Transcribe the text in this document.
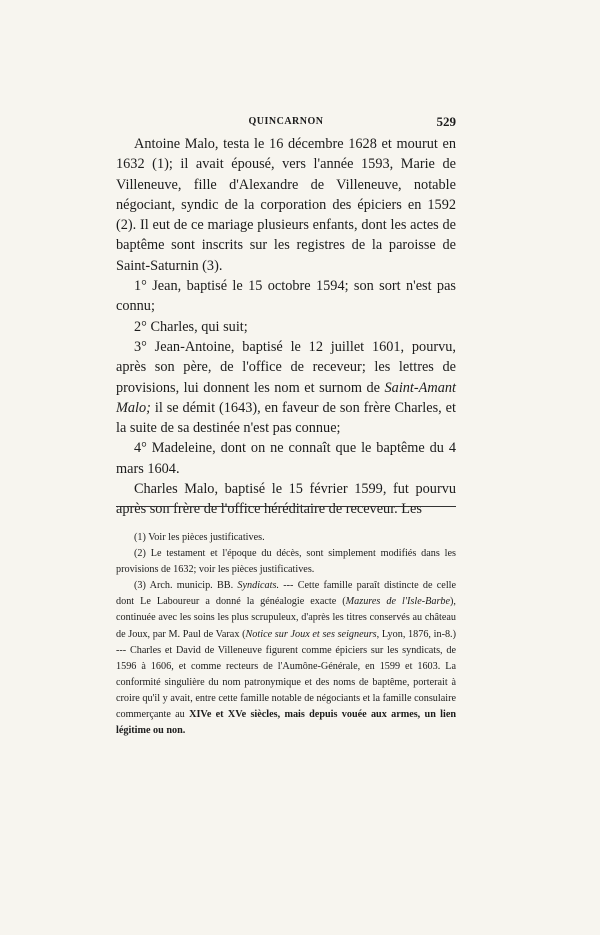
QUINCARNON	529

Antoine Malo, testa le 16 décembre 1628 et mourut en 1632 (1); il avait épousé, vers l'année 1593, Marie de Villeneuve, fille d'Alexandre de Villeneuve, notable négociant, syndic de la corporation des épiciers en 1592 (2). Il eut de ce mariage plusieurs enfants, dont les actes de baptême sont inscrits sur les registres de la paroisse de Saint-Saturnin (3).

1° Jean, baptisé le 15 octobre 1594; son sort n'est pas connu;

2° Charles, qui suit;

3° Jean-Antoine, baptisé le 12 juillet 1601, pourvu, après son père, de l'office de receveur; les lettres de provisions, lui donnent les nom et surnom de Saint-Amant Malo; il se démit (1643), en faveur de son frère Charles, et la suite de sa destinée n'est pas connue;

4° Madeleine, dont on ne connaît que le baptême du 4 mars 1604.

Charles Malo, baptisé le 15 février 1599, fut pourvu après son frère de l'office héréditaire de receveur. Les

(1) Voir les pièces justificatives.

(2) Le testament et l'époque du décès, sont simplement modifiés dans les provisions de 1632; voir les pièces justificatives.

(3) Arch. municip. BB. Syndicats. --- Cette famille paraît distincte de celle dont Le Laboureur a donné la généalogie exacte (Mazures de l'Isle-Barbe), continuée avec les soins les plus scrupuleux, d'après les titres conservés au château de Joux, par M. Paul de Varax (Notice sur Joux et ses seigneurs, Lyon, 1876, in-8.) --- Charles et David de Villeneuve figurent comme épiciers sur les syndicats, de 1596 à 1606, et comme recteurs de l'Aumône-Générale, en 1599 et 1603. La conformité singulière du nom patronymique et des noms de baptême, porterait à croire qu'il y avait, entre cette famille notable de négociants et la famille consulaire commerçante au XIVe et XVe siècles, mais depuis vouée aux armes, un lien légitime ou non.
